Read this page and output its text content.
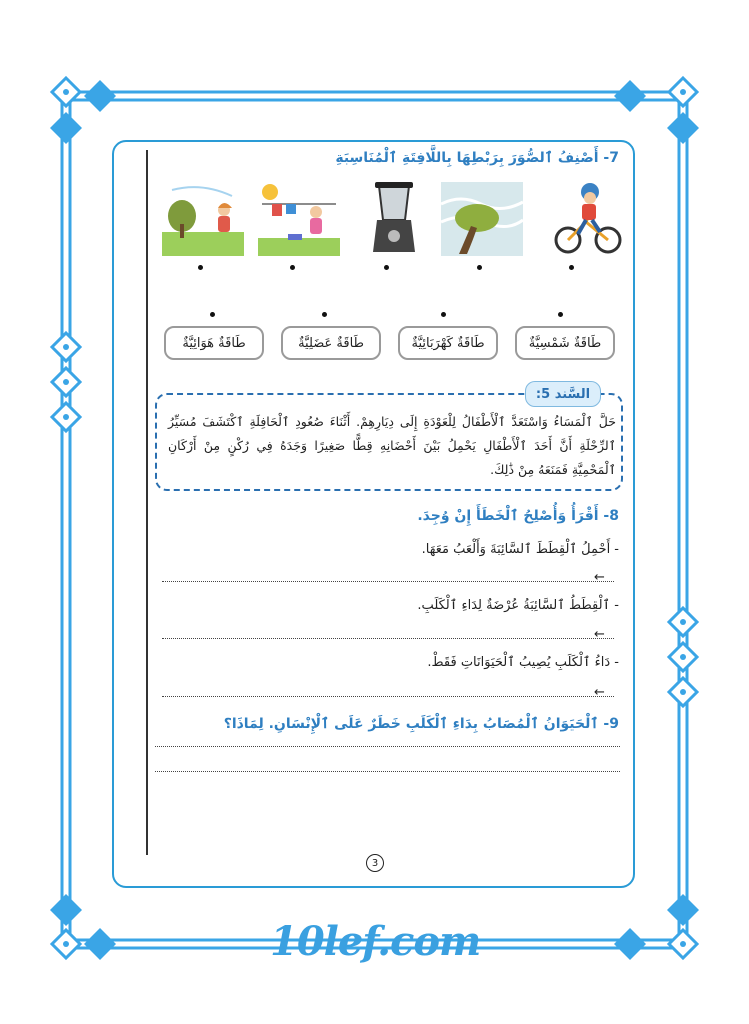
7- أَصْنِفُ ٱلصُّوَرَ بِرَبْطِهَا بِاللَّافِتَةِ ٱلْمُنَاسِبَةِ
طَاقَةٌ شَمْسِيَّةٌ
طَاقَةٌ كَهْرَبَائِيَّةٌ
طَاقَةٌ عَضَلِيَّةٌ
طَاقَةٌ هَوَائِيَّةٌ
السَّند 5:
حَلَّ ٱلْمَسَاءُ وَاسْتَعَدَّ ٱلْأَطْفَالُ لِلْعَوْدَةِ إِلَى دِيَارِهِمْ. أَثْنَاءَ صُعُودِ ٱلْحَافِلَةِ ٱكْتَشَفَ مُسَيِّرُ ٱلرِّحْلَةِ أَنَّ أَحَدَ ٱلْأَطْفَالِ يَحْمِلُ بَيْنَ أَحْضَانِهِ قِطًّا صَغِيرًا وَجَدَهُ فِي رُكْنٍ مِنْ أَرْكَانِ ٱلْمَحْمِيَّةِ فَمَنَعَهُ مِنْ ذَٰلِكَ.
8- أَقْرَأُ وَأُصْلِحُ ٱلْخَطَأَ إِنْ وُجِدَ.
- أَحْمِلُ ٱلْقِطَطَ ٱلسَّائِبَةَ وَأَلْعَبُ مَعَهَا.
←
- ٱلْقِطَطُ ٱلسَّائِبَةُ عُرْضَةٌ لِدَاءِ ٱلْكَلَبِ.
←
- دَاءُ ٱلْكَلَبِ يُصِيبُ ٱلْحَيَوَانَاتِ فَقَطْ.
←
9- ٱلْحَيَوَانُ ٱلْمُصَابُ بِدَاءِ ٱلْكَلَبِ خَطَرٌ عَلَى ٱلْإِنْسَانِ. لِمَاذَا؟
3
10lef.com
